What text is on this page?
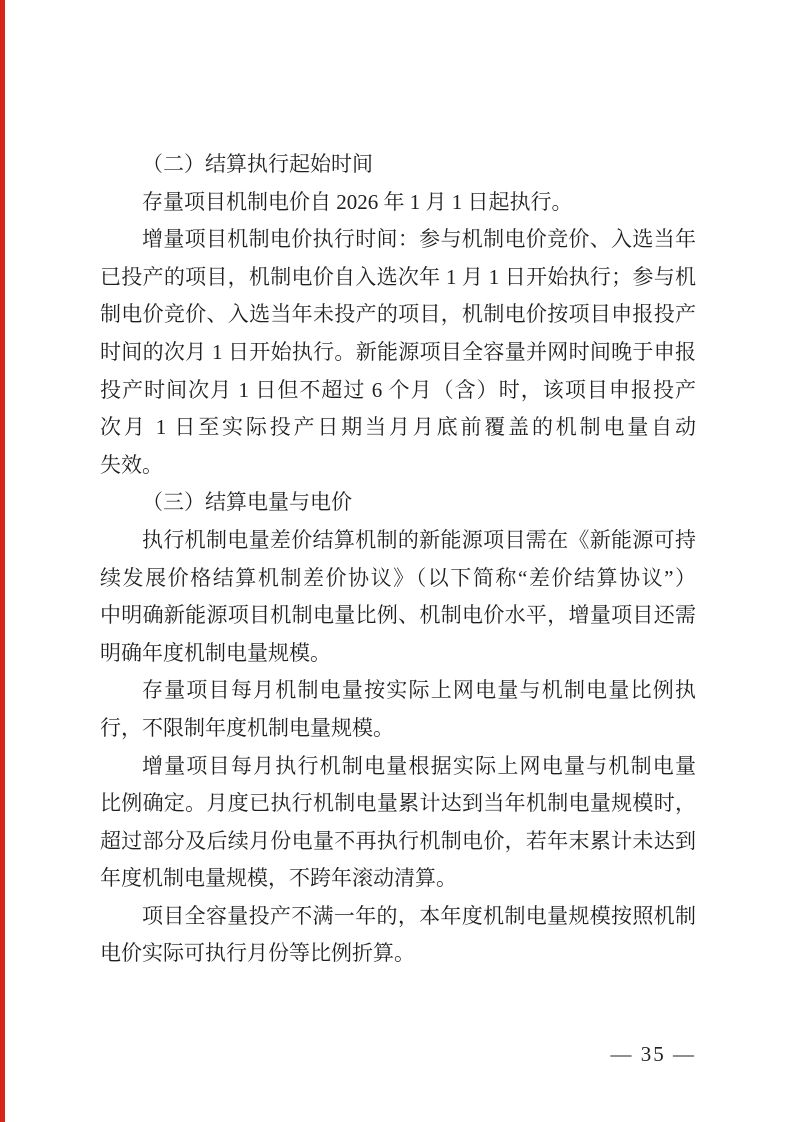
（二）结算执行起始时间
存量项目机制电价自 2026 年 1 月 1 日起执行。
增量项目机制电价执行时间：参与机制电价竞价、入选当年
已投产的项目，机制电价自入选次年 1 月 1 日开始执行；参与机
制电价竞价、入选当年未投产的项目，机制电价按项目申报投产
时间的次月 1 日开始执行。新能源项目全容量并网时间晚于申报
投产时间次月 1 日但不超过 6 个月（含）时，该项目申报投产
次月 1 日至实际投产日期当月月底前覆盖的机制电量自动
失效。
（三）结算电量与电价
执行机制电量差价结算机制的新能源项目需在《新能源可持
续发展价格结算机制差价协议》（以下简称“差价结算协议”）
中明确新能源项目机制电量比例、机制电价水平，增量项目还需
明确年度机制电量规模。
存量项目每月机制电量按实际上网电量与机制电量比例执
行，不限制年度机制电量规模。
增量项目每月执行机制电量根据实际上网电量与机制电量
比例确定。月度已执行机制电量累计达到当年机制电量规模时，
超过部分及后续月份电量不再执行机制电价，若年末累计未达到
年度机制电量规模，不跨年滚动清算。
项目全容量投产不满一年的，本年度机制电量规模按照机制
电价实际可执行月份等比例折算。
— 35 —
